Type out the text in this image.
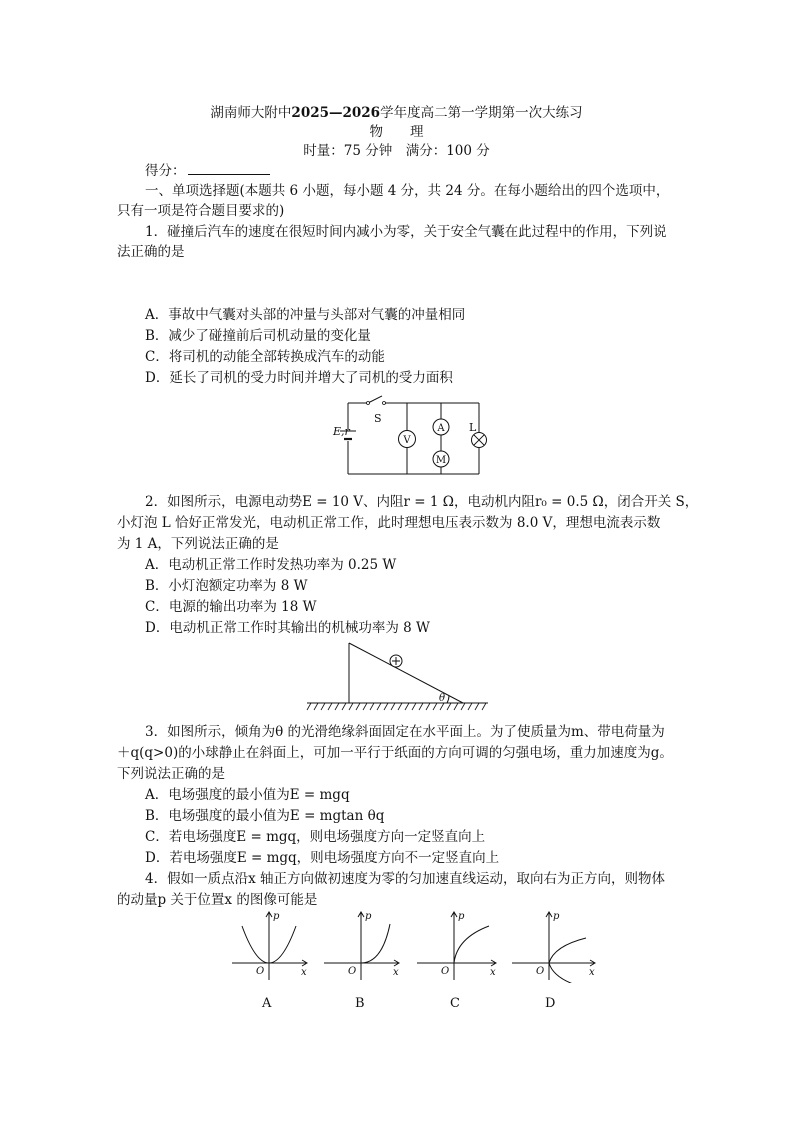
湖南师大附中2025—2026学年度高二第一学期第一次大练习
物　　理
时量：75 分钟　满分：100 分
得分：
一、单项选择题(本题共 6 小题，每小题 4 分，共 24 分。在每小题给出的四个选项中，
只有一项是符合题目要求的)
1．碰撞后汽车的速度在很短时间内减小为零，关于安全气囊在此过程中的作用，下列说
法正确的是
A．事故中气囊对头部的冲量与头部对气囊的冲量相同
B．减少了碰撞前后司机动量的变化量
C．将司机的动能全部转换成汽车的动能
D．延长了司机的受力时间并增大了司机的受力面积
V
A
M
E,r
S
L
2．如图所示，电源电动势E = 10 V、内阻r = 1 Ω，电动机内阻r₀ = 0.5 Ω，闭合开关 S，
小灯泡 L 恰好正常发光，电动机正常工作，此时理想电压表示数为 8.0 V，理想电流表示数
为 1 A，下列说法正确的是
A．电动机正常工作时发热功率为 0.25 W
B．小灯泡额定功率为 8 W
C．电源的输出功率为 18 W
D．电动机正常工作时其输出的机械功率为 8 W
θ
3．如图所示，倾角为θ 的光滑绝缘斜面固定在水平面上。为了使质量为m、带电荷量为
＋q(q>0)的小球静止在斜面上，可加一平行于纸面的方向可调的匀强电场，重力加速度为g。
下列说法正确的是
A．电场强度的最小值为E = mgq
B．电场强度的最小值为E = mgtan θq
C．若电场强度E = mgq，则电场强度方向一定竖直向上
D．若电场强度E = mgq，则电场强度方向不一定竖直向上
4．假如一质点沿x 轴正方向做初速度为零的匀加速直线运动，取向右为正方向，则物体
的动量p 关于位置x 的图像可能是
p
x
O
A
p
x
O
B
p
x
O
C
p
x
O
D
